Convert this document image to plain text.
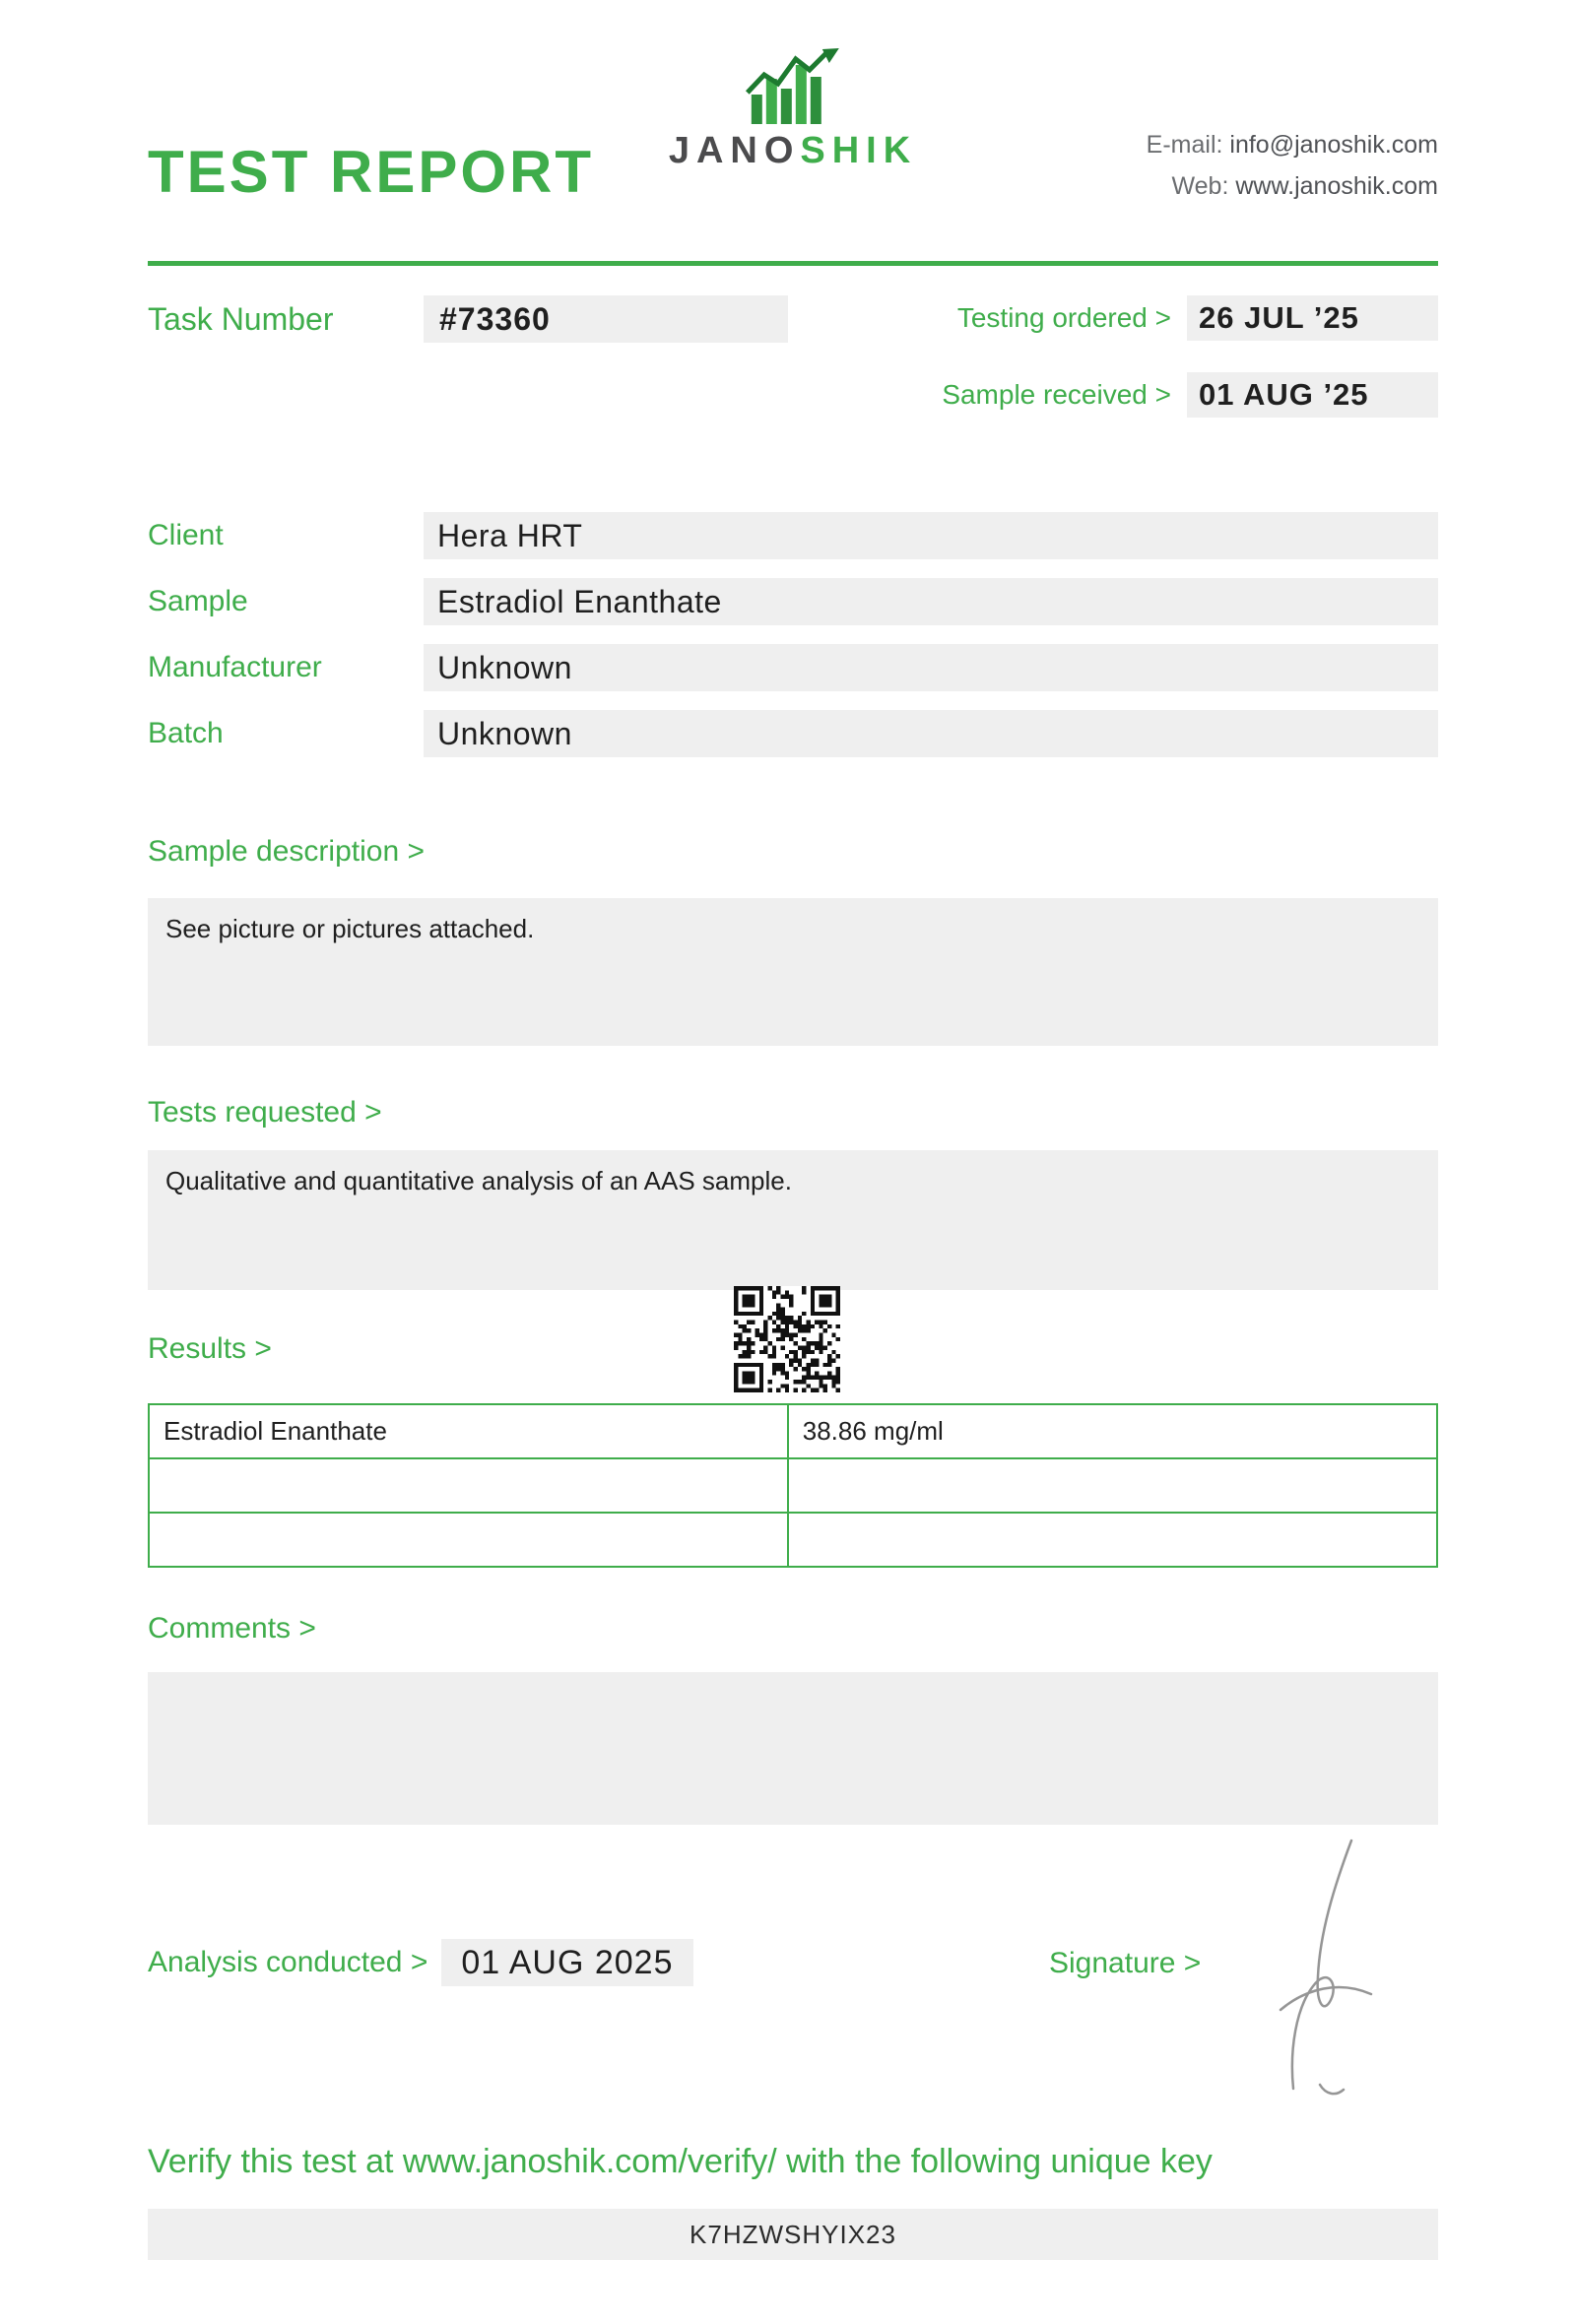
TEST REPORT JANOSHIK	E-mail: info@janoshik.com
Web: www.janoshik.com
Task Number	#73360	Testing ordered > 26 JUL ’25
Sample received > 01 AUG ’25
Client	Hera HRT
Sample	Estradiol Enanthate
Manufacturer	Unknown
Batch	Unknown
Sample description >
See picture or pictures attached.
Tests requested >
Qualitative and quantitative analysis of an AAS sample.
Results >
Estradiol Enanthate	38.86 mg/ml

Comments >
Analysis conducted >	01 AUG 2025	Signature >
Verify this test at www.janoshik.com/verify/ with the following unique key
K7HZWSHYIX23
